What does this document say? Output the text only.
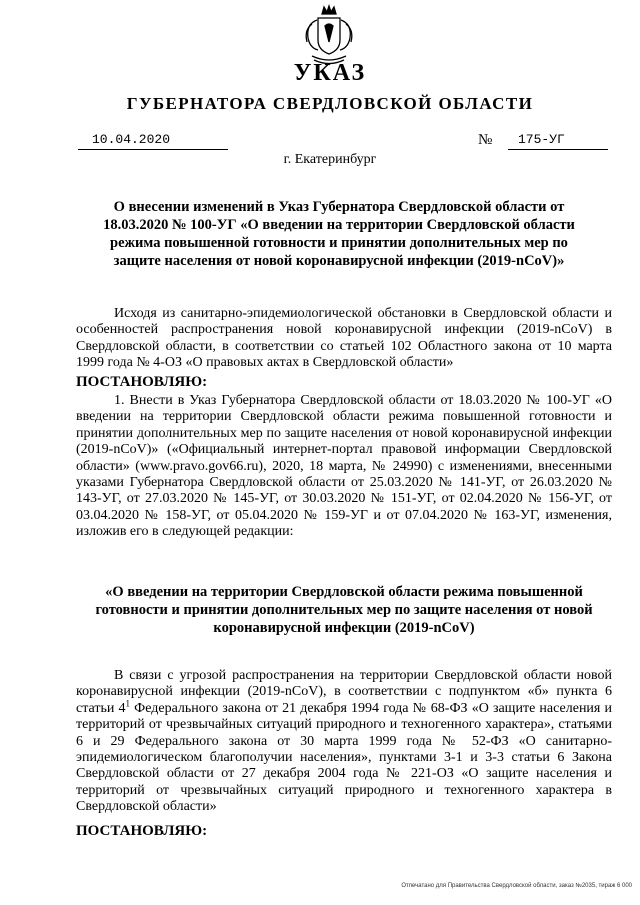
УКАЗ
ГУБЕРНАТОРА СВЕРДЛОВСКОЙ ОБЛАСТИ
10.04.2020	№	175-УГ
г. Екатеринбург
О внесении изменений в Указ Губернатора Свердловской области от 18.03.2020 № 100-УГ «О введении на территории Свердловской области режима повышенной готовности и принятии дополнительных мер по защите населения от новой коронавирусной инфекции (2019-nCoV)»
Исходя из санитарно-эпидемиологической обстановки в Свердловской области и особенностей распространения новой коронавирусной инфекции (2019-nCoV) в Свердловской области, в соответствии со статьей 102 Областного закона от 10 марта 1999 года № 4-ОЗ «О правовых актах в Свердловской области»
ПОСТАНОВЛЯЮ:
1. Внести в Указ Губернатора Свердловской области от 18.03.2020 № 100-УГ «О введении на территории Свердловской области режима повышенной готовности и принятии дополнительных мер по защите населения от новой коронавирусной инфекции (2019-nCoV)» («Официальный интернет-портал правовой информации Свердловской области» (www.pravo.gov66.ru), 2020, 18 марта, № 24990) с изменениями, внесенными указами Губернатора Свердловской области от 25.03.2020 № 141-УГ, от 26.03.2020 № 143-УГ, от 27.03.2020 № 145-УГ, от 30.03.2020 № 151-УГ, от 02.04.2020 № 156-УГ, от 03.04.2020 № 158-УГ, от 05.04.2020 № 159-УГ и от 07.04.2020 № 163-УГ, изменения, изложив его в следующей редакции:
«О введении на территории Свердловской области режима повышенной готовности и принятии дополнительных мер по защите населения от новой коронавирусной инфекции (2019-nCoV)
В связи с угрозой распространения на территории Свердловской области новой коронавирусной инфекции (2019-nCoV), в соответствии с подпунктом «б» пункта 6 статьи $4^1$ Федерального закона от 21 декабря 1994 года № 68-ФЗ «О защите населения и территорий от чрезвычайных ситуаций природного и техногенного характера», статьями 6 и 29 Федерального закона от 30 марта 1999 года № 52-ФЗ «О санитарно-эпидемиологическом благополучии населения», пунктами 3-1 и 3-3 статьи 6 Закона Свердловской области от 27 декабря 2004 года № 221-ОЗ «О защите населения и территорий от чрезвычайных ситуаций природного и техногенного характера в Свердловской области»
ПОСТАНОВЛЯЮ:
Отпечатано для Правительства Свердловской области, заказ №2035, тираж 6 000
